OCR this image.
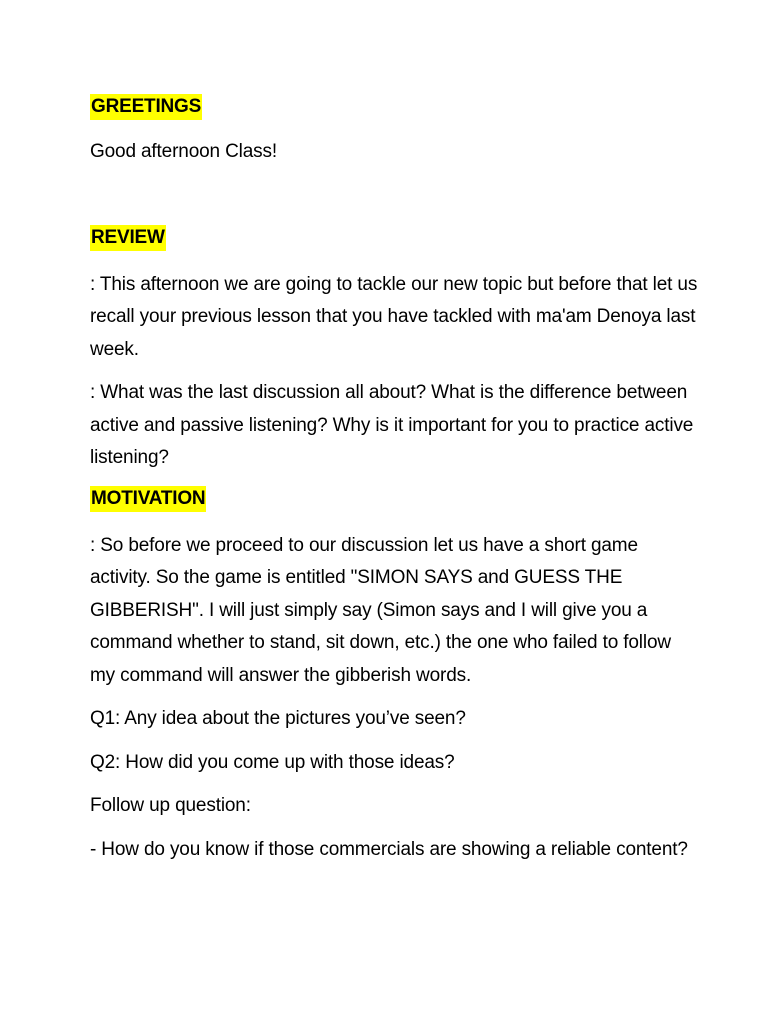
GREETINGS

Good afternoon Class!

REVIEW

: This afternoon we are going to tackle our new topic but before that let us recall your previous lesson that you have tackled with ma'am Denoya last week.

: What was the last discussion all about? What is the difference between active and passive listening? Why is it important for you to practice active listening?

MOTIVATION

: So before we proceed to our discussion let us have a short game activity. So the game is entitled "SIMON SAYS and GUESS THE GIBBERISH". I will just simply say (Simon says and I will give you a command whether to stand, sit down, etc.) the one who failed to follow my command will answer the gibberish words.

Q1: Any idea about the pictures you’ve seen?

Q2: How did you come up with those ideas?

Follow up question:

- How do you know if those commercials are showing a reliable content?
